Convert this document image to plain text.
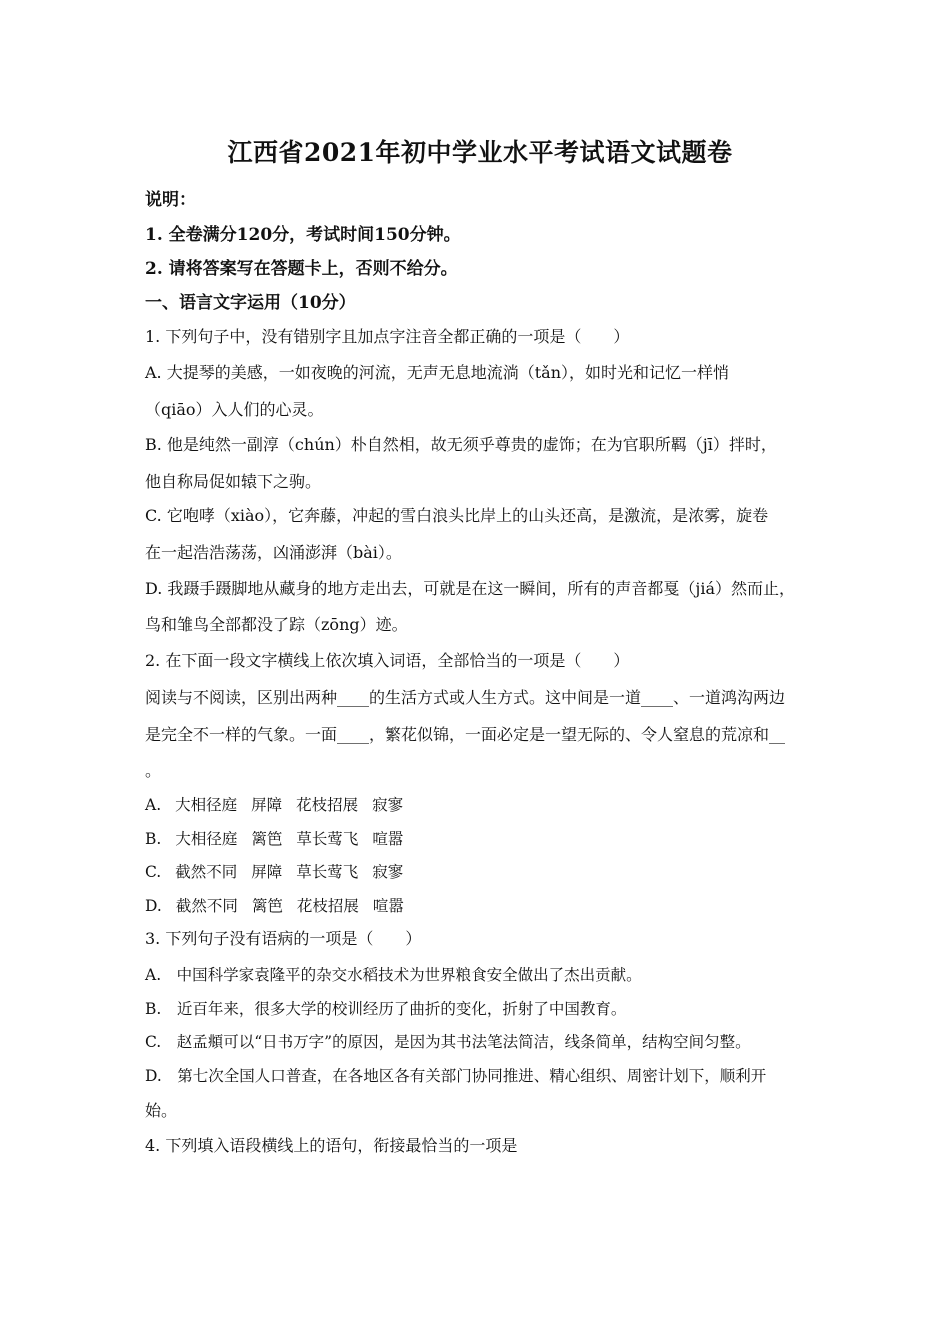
江西省2021年初中学业水平考试语文试题卷
说明：
1. 全卷满分120分，考试时间150分钟。
2. 请将答案写在答题卡上，否则不给分。
一、语言文字运用（10分）
1. 下列句子中，没有错别字且加点字注音全都正确的一项是（　　）
A. 大提琴的美感，一如夜晚的河流，无声无息地流淌（tǎn），如时光和记忆一样悄
（qiāo）入人们的心灵。
B. 他是纯然一副淳（chún）朴自然相，故无须乎尊贵的虚饰；在为官职所羁（jī）拌时，
他自称局促如辕下之驹。
C. 它咆哮（xiào），它奔藤，冲起的雪白浪头比岸上的山头还高，是激流，是浓雾，旋卷
在一起浩浩荡荡，凶涌澎湃（bài）。
D. 我蹑手蹑脚地从藏身的地方走出去，可就是在这一瞬间，所有的声音都戛（jiá）然而止，
鸟和雏鸟全部都没了踪（zōng）迹。
2. 在下面一段文字横线上依次填入词语，全部恰当的一项是（　　）
阅读与不阅读，区别出两种____的生活方式或人生方式。这中间是一道____、一道鸿沟两边
是完全不一样的气象。一面____，繁花似锦，一面必定是一望无际的、令人窒息的荒凉和__
。
A. 大相径庭 屏障 花枝招展 寂寥
B. 大相径庭 篱笆 草长莺飞 喧嚣
C. 截然不同 屏障 草长莺飞 寂寥
D. 截然不同 篱笆 花枝招展 喧嚣
3. 下列句子没有语病的一项是（　　）
A.　中国科学家袁隆平的杂交水稻技术为世界粮食安全做出了杰出贡献。
B.　近百年来，很多大学的校训经历了曲折的变化，折射了中国教育。
C.　赵孟頫可以“日书万字”的原因，是因为其书法笔法简洁，线条简单，结构空间匀整。
D.　第七次全国人口普查，在各地区各有关部门协同推进、精心组织、周密计划下，顺利开
始。
4. 下列填入语段横线上的语句，衔接最恰当的一项是
